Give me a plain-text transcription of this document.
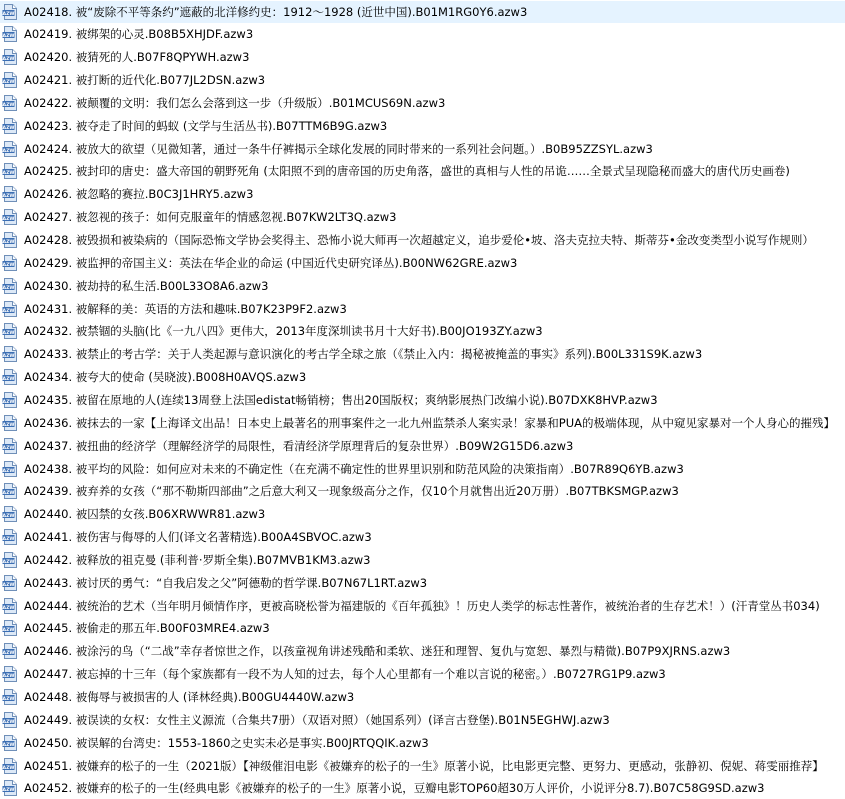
AZW A02418. 被“废除不平等条约”遮蔽的北洋修约史：1912～1928 (近世中国).B01M1RG0Y6.azw3
AZW A02419. 被绑架的心灵.B08B5XHJDF.azw3
AZW A02420. 被猜死的人.B07F8QPYWH.azw3
AZW A02421. 被打断的近代化.B077JL2DSN.azw3
AZW A02422. 被颠覆的文明：我们怎么会落到这一步（升级版）.B01MCUS69N.azw3
AZW A02423. 被夺走了时间的蚂蚁 (文学与生活丛书).B07TTM6B9G.azw3
AZW A02424. 被放大的欲望（见微知著，通过一条牛仔裤揭示全球化发展的同时带来的一系列社会问题。）.B0B95ZZSYL.azw3
AZW A02425. 被封印的唐史：盛大帝国的朝野死角 (太阳照不到的唐帝国的历史角落，盛世的真相与人性的吊诡……全景式呈现隐秘而盛大的唐代历史画卷)
AZW A02426. 被忽略的赛拉.B0C3J1HRY5.azw3
AZW A02427. 被忽视的孩子：如何克服童年的情感忽视.B07KW2LT3Q.azw3
AZW A02428. 被毁损和被染病的（国际恐怖文学协会奖得主、恐怖小说大师再一次超越定义，追步爱伦•坡、洛夫克拉夫特、斯蒂芬•金改变类型小说写作规则）
AZW A02429. 被监押的帝国主义：英法在华企业的命运 (中国近代史研究译丛).B00NW62GRE.azw3
AZW A02430. 被劫持的私生活.B00L33O8A6.azw3
AZW A02431. 被解释的美：英语的方法和趣味.B07K23P9F2.azw3
AZW A02432. 被禁锢的头脑(比《一九八四》更伟大，2013年度深圳读书月十大好书).B00JO193ZY.azw3
AZW A02433. 被禁止的考古学：关于人类起源与意识演化的考古学全球之旅（《禁止入内：揭秘被掩盖的事实》系列).B00L331S9K.azw3
AZW A02434. 被夸大的使命 (吴晓波).B008H0AVQS.azw3
AZW A02435. 被留在原地的人(连续13周登上法国edistat畅销榜；售出20国版权；爽纳影展热门改编小说).B07DXK8HVP.azw3
AZW A02436. 被抹去的一家【上海译文出品！日本史上最著名的刑事案件之一北九州监禁杀人案实录！家暴和PUA的极端体现，从中窥见家暴对一个人身心的摧残】
AZW A02437. 被扭曲的经济学（理解经济学的局限性，看清经济学原理背后的复杂世界）.B09W2G15D6.azw3
AZW A02438. 被平均的风险：如何应对未来的不确定性（在充满不确定性的世界里识别和防范风险的决策指南）.B07R89Q6YB.azw3
AZW A02439. 被弃养的女孩（“那不勒斯四部曲”之后意大利又一现象级高分之作，仅10个月就售出近20万册）.B07TBKSMGP.azw3
AZW A02440. 被囚禁的女孩.B06XRWWR81.azw3
AZW A02441. 被伤害与侮辱的人们(译文名著精选).B00A4SBVOC.azw3
AZW A02442. 被释放的祖克曼 (菲利普·罗斯全集).B07MVB1KM3.azw3
AZW A02443. 被讨厌的勇气：“自我启发之父”阿德勒的哲学课.B07N67L1RT.azw3
AZW A02444. 被统治的艺术（当年明月倾情作序，更被高晓松誉为福建版的《百年孤独》！历史人类学的标志性著作，被统治者的生存艺术！）(汗青堂丛书034)
AZW A02445. 被偷走的那五年.B00F03MRE4.azw3
AZW A02446. 被涂污的鸟（“二战”幸存者惊世之作，以孩童视角讲述残酷和柔软、迷狂和理智、复仇与宽恕、暴烈与精微).B07P9XJRNS.azw3
AZW A02447. 被忘掉的十三年（每个家族都有一段不为人知的过去，每个人心里都有一个难以言说的秘密。）.B0727RG1P9.azw3
AZW A02448. 被侮辱与被损害的人 (译林经典).B00GU4440W.azw3
AZW A02449. 被误读的女权：女性主义源流（合集共7册）（双语对照）（她国系列）(译言古登堡).B01N5EGHWJ.azw3
AZW A02450. 被误解的台湾史：1553-1860之史实未必是事实.B00JRTQQIK.azw3
AZW A02451. 被嫌弃的松子的一生（2021版）【神级催泪电影《被嫌弃的松子的一生》原著小说，比电影更完整、更努力、更感动，张静初、倪妮、蒋雯丽推荐】
AZW A02452. 被嫌弃的松子的一生(经典电影《被嫌弃的松子的一生》原著小说，豆瓣电影TOP60超30万人评价，小说评分8.7).B07C58G9SD.azw3
